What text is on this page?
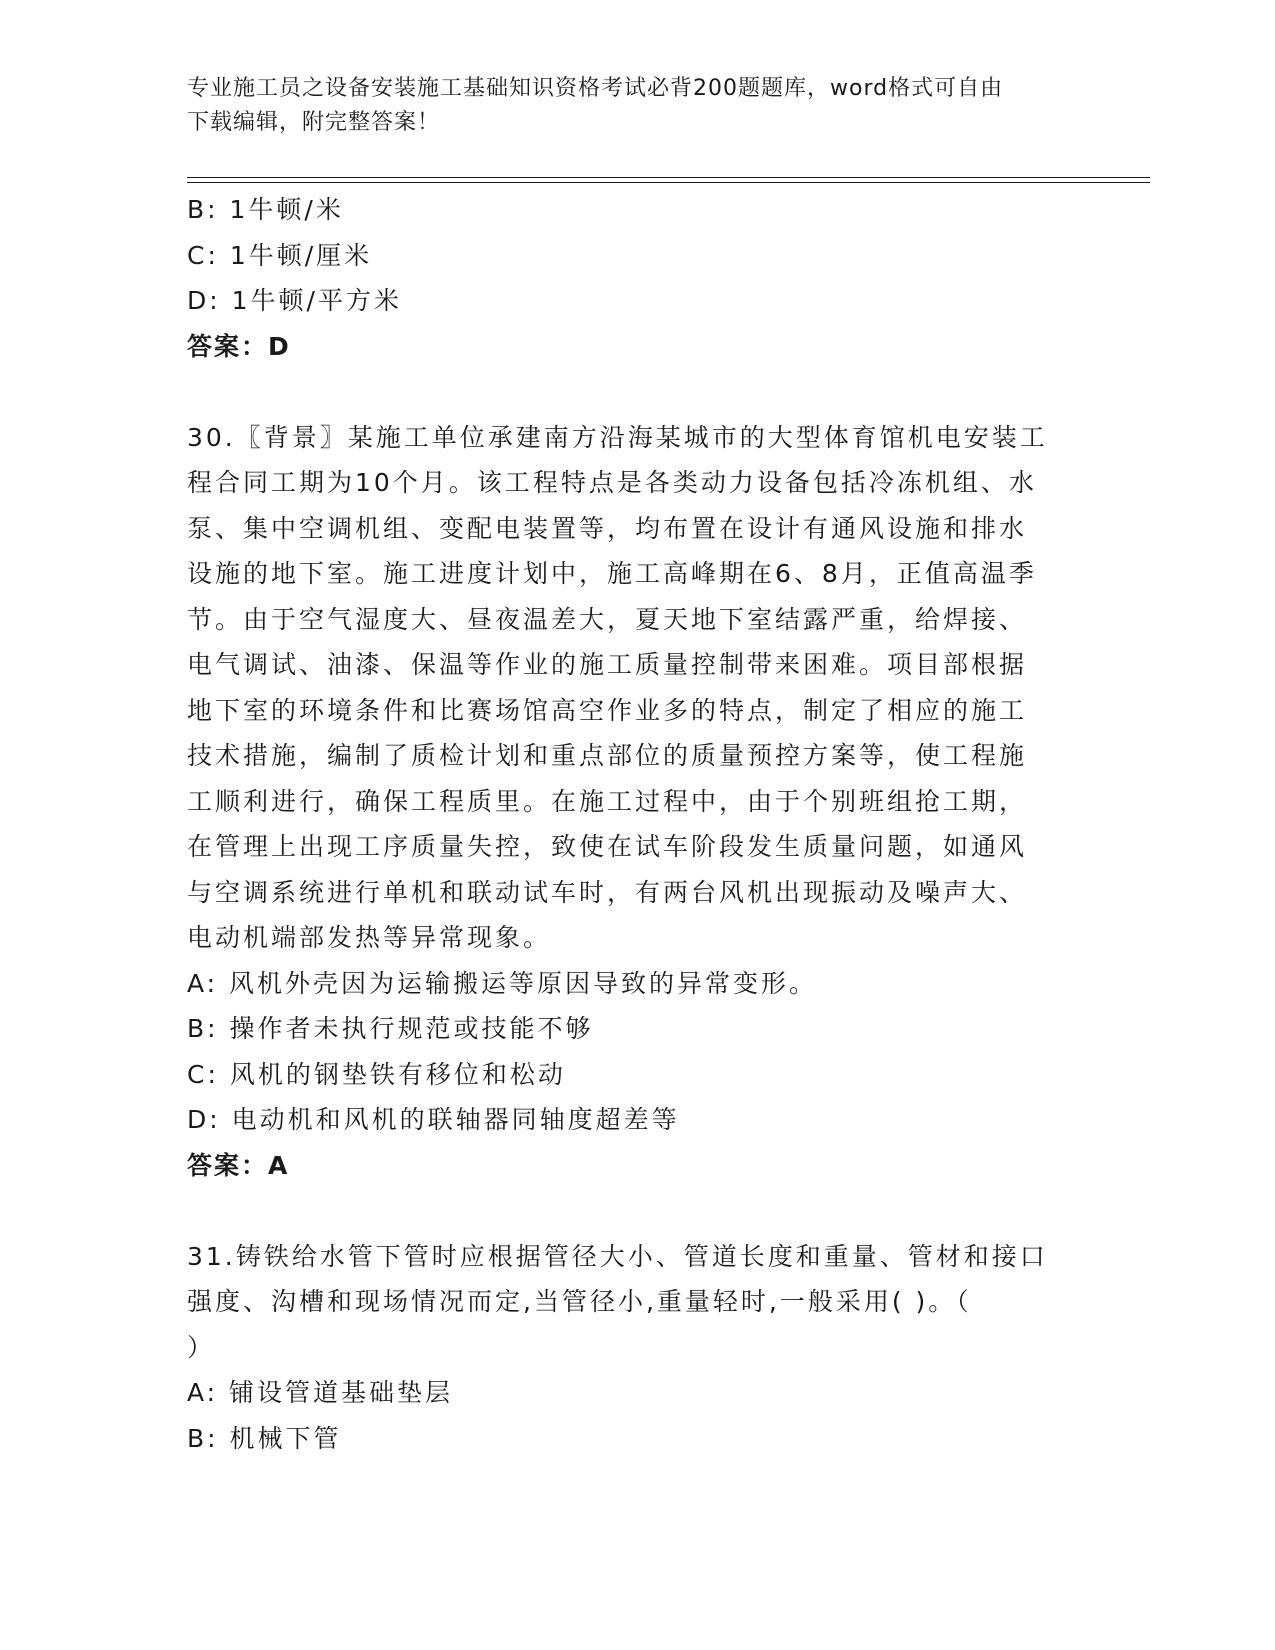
专业施工员之设备安装施工基础知识资格考试必背200题题库，word格式可自由
下载编辑，附完整答案！

B: 1牛顿/米

C: 1牛顿/厘米

D: 1牛顿/平方米

答案：D

30.〖背景〗某施工单位承建南方沿海某城市的大型体育馆机电安装工

程合同工期为10个月。该工程特点是各类动力设备包括冷冻机组、水

泵、集中空调机组、变配电装置等，均布置在设计有通风设施和排水

设施的地下室。施工进度计划中，施工高峰期在6、8月，正值高温季

节。由于空气湿度大、昼夜温差大，夏天地下室结露严重，给焊接、

电气调试、油漆、保温等作业的施工质量控制带来困难。项目部根据

地下室的环境条件和比赛场馆高空作业多的特点，制定了相应的施工

技术措施，编制了质检计划和重点部位的质量预控方案等，使工程施

工顺利进行，确保工程质里。在施工过程中，由于个别班组抢工期，

在管理上出现工序质量失控，致使在试车阶段发生质量问题，如通风

与空调系统进行单机和联动试车时，有两台风机出现振动及噪声大、

电动机端部发热等异常现象。

A: 风机外壳因为运输搬运等原因导致的异常变形。

B: 操作者未执行规范或技能不够

C: 风机的钢垫铁有移位和松动

D: 电动机和风机的联轴器同轴度超差等

答案：A

31.铸铁给水管下管时应根据管径大小、管道长度和重量、管材和接口

强度、沟槽和现场情况而定,当管径小,重量轻时,一般采用( )。（

）

A: 铺设管道基础垫层

B: 机械下管
